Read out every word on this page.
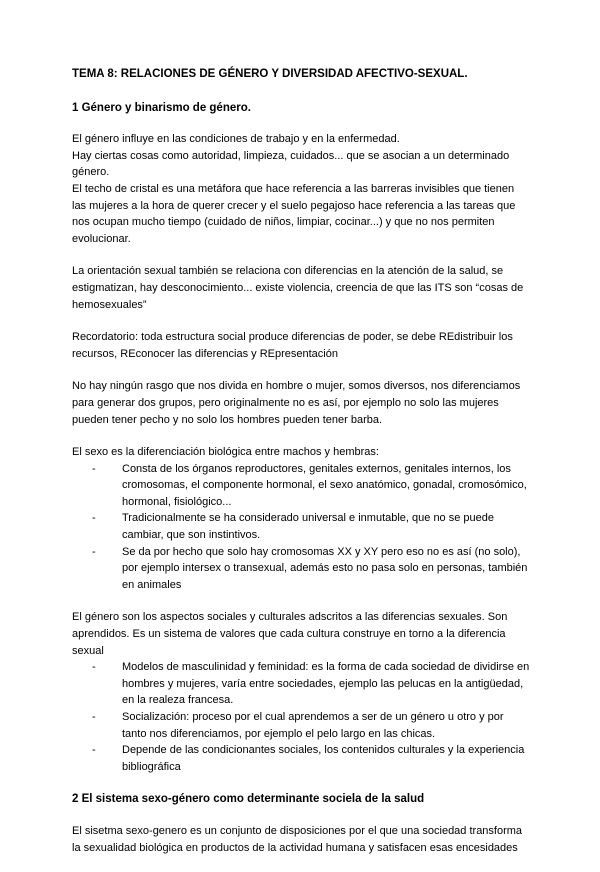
TEMA 8: RELACIONES DE GÉNERO Y DIVERSIDAD AFECTIVO-SEXUAL.
1 Género y binarismo de género.

El género influye en las condiciones de trabajo y en la enfermedad.
Hay ciertas cosas como autoridad, limpieza, cuidados... que se asocian a un determinado género.
El techo de cristal es una metáfora que hace referencia a las barreras invisibles que tienen las mujeres a la hora de querer crecer y el suelo pegajoso hace referencia a las tareas que nos ocupan mucho tiempo (cuidado de niños, limpiar, cocinar...) y que no nos permiten evolucionar.

La orientación sexual también se relaciona con diferencias en la atención de la salud, se estigmatizan, hay desconocimiento... existe violencia, creencia de que las ITS son “cosas de hemosexuales”

Recordatorio: toda estructura social produce diferencias de poder, se debe REdistribuir los recursos, REconocer las diferencias y REpresentación

No hay ningún rasgo que nos divida en hombre o mujer, somos diversos, nos diferenciamos para generar dos grupos, pero originalmente no es así, por ejemplo no solo las mujeres pueden tener pecho y no solo los hombres pueden tener barba.

El sexo es la diferenciación biológica entre machos y hembras:

- Consta de los órganos reproductores, genitales externos, genitales internos, los cromosomas, el componente hormonal, el sexo anatómico, gonadal, cromosómico, hormonal, fisiológico...
- Tradicionalmente se ha considerado universal e inmutable, que no se puede cambiar, que son instintivos.
- Se da por hecho que solo hay cromosomas XX y XY pero eso no es así (no solo), por ejemplo intersex o transexual, además esto no pasa solo en personas, también en animales

El género son los aspectos sociales y culturales adscritos a las diferencias sexuales. Son aprendidos. Es un sistema de valores que cada cultura construye en torno a la diferencia sexual

- Modelos de masculinidad y feminidad: es la forma de cada sociedad de dividirse en hombres y mujeres, varía entre sociedades, ejemplo las pelucas en la antigüedad, en la realeza francesa.
- Socialización: proceso por el cual aprendemos a ser de un género u otro y por tanto nos diferenciamos, por ejemplo el pelo largo en las chicas.
- Depende de las condicionantes sociales, los contenidos culturales y la experiencia bibliográfica
2 El sistema sexo-género como determinante sociela de la salud

El sisetma sexo-genero es un conjunto de disposiciones por el que una sociedad transforma la sexualidad biológica en productos de la actividad humana y satisfacen esas encesidades
